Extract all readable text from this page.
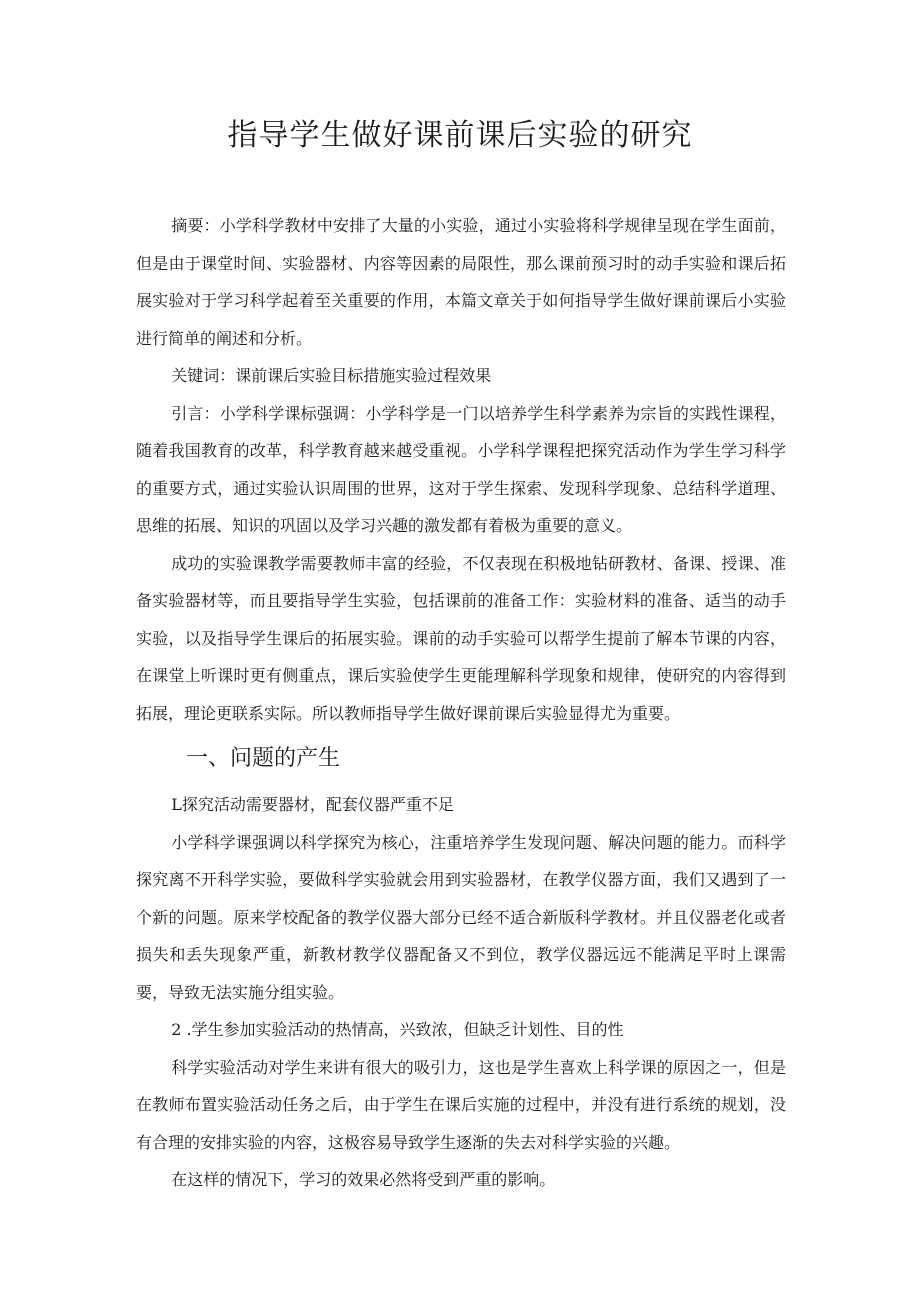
指导学生做好课前课后实验的研究

摘要：小学科学教材中安排了大量的小实验，通过小实验将科学规律呈现在学生面前，但是由于课堂时间、实验器材、内容等因素的局限性，那么课前预习时的动手实验和课后拓展实验对于学习科学起着至关重要的作用，本篇文章关于如何指导学生做好课前课后小实验进行简单的阐述和分析。

关键词：课前课后实验目标措施实验过程效果

引言：小学科学课标强调：小学科学是一门以培养学生科学素养为宗旨的实践性课程，随着我国教育的改革，科学教育越来越受重视。小学科学课程把探究活动作为学生学习科学的重要方式，通过实验认识周围的世界，这对于学生探索、发现科学现象、总结科学道理、思维的拓展、知识的巩固以及学习兴趣的激发都有着极为重要的意义。

成功的实验课教学需要教师丰富的经验，不仅表现在积极地钻研教材、备课、授课、准备实验器材等，而且要指导学生实验，包括课前的准备工作：实验材料的准备、适当的动手实验，以及指导学生课后的拓展实验。课前的动手实验可以帮学生提前了解本节课的内容，在课堂上听课时更有侧重点，课后实验使学生更能理解科学现象和规律，使研究的内容得到拓展，理论更联系实际。所以教师指导学生做好课前课后实验显得尤为重要。

一、问题的产生

L探究活动需要器材，配套仪器严重不足

小学科学课强调以科学探究为核心，注重培养学生发现问题、解决问题的能力。而科学探究离不开科学实验，要做科学实验就会用到实验器材，在教学仪器方面，我们又遇到了一个新的问题。原来学校配备的教学仪器大部分已经不适合新版科学教材。并且仪器老化或者损失和丢失现象严重，新教材教学仪器配备又不到位，教学仪器远远不能满足平时上课需要，导致无法实施分组实验。

2 .学生参加实验活动的热情高，兴致浓，但缺乏计划性、目的性

科学实验活动对学生来讲有很大的吸引力，这也是学生喜欢上科学课的原因之一，但是在教师布置实验活动任务之后，由于学生在课后实施的过程中，并没有进行系统的规划，没有合理的安排实验的内容，这极容易导致学生逐渐的失去对科学实验的兴趣。

在这样的情况下，学习的效果必然将受到严重的影响。
